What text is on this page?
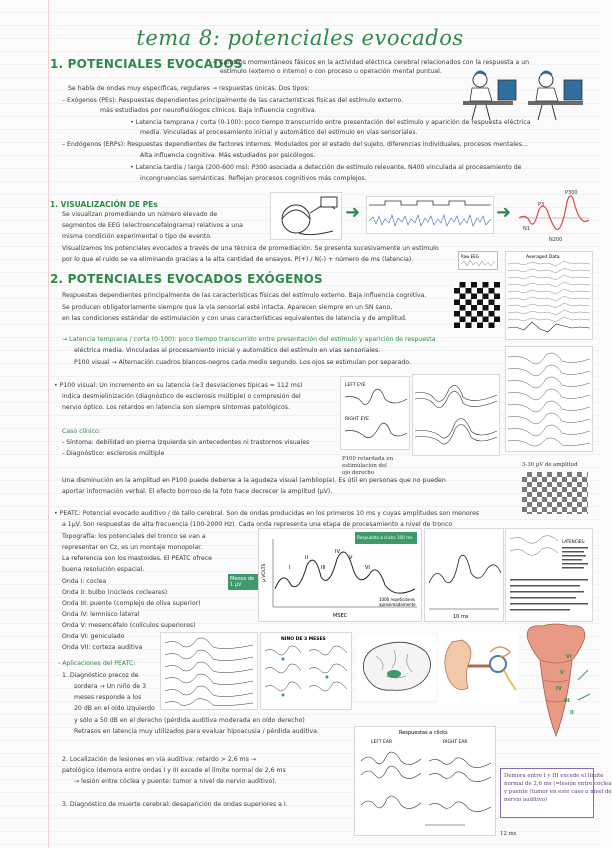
tema 8: potenciales evocados
1. POTENCIALES EVOCADOS
→ Cambios momentáneos fásicos en la actividad eléctrica cerebral relacionados con la respuesta a un
estímulo (externo o interno) o con proceso u operación mental puntual.
Se habla de ondas muy específicas, regulares → respuestas únicas. Dos tipos:
– Exógenos (PEs): Respuestas dependientes principalmente de las características físicas del estímulo externo.
más estudiados por neurofisiólogos clínicos. Baja influencia cognitiva.
• Latencia temprana / corta (0-100): poco tiempo transcurrido entre presentación del estímulo y aparición de respuesta eléctrica
media. Vinculadas al procesamiento inicial y automático del estímulo en vías sensoriales.
– Endógenos (ERPs): Respuestas dependientes de factores internos. Modulados por el estado del sujeto, diferencias individuales, procesos mentales...
Alta influencia cognitiva. Más estudiados por psicólogos.
• Latencia tardía / larga (200-600 ms): P300 asociada a detección de estímulo relevante, N400 vinculada al procesamiento de
incongruencias semánticas. Reflejan procesos cognitivos más complejos.
1. VISUALIZACIÓN DE PEs
Se visualizan promediando un número elevado de
segmentos de EEG (electroencefalograma) relativos a una
misma condición experimental o tipo de evento.
Visualizamos los potenciales evocados a través de una técnica de promediación. Se presenta sucesivamente un estímulo
por lo que el ruido se va eliminando gracias a la alta cantidad de ensayos. P(+) / N(-) + número de ms (latencia).
➜	➜
P300
P3
N1
N200
2. POTENCIALES EVOCADOS EXÓGENOS
Respuestas dependientes principalmente de las características físicas del estímulo externo. Baja influencia cognitiva.
Se producen obligatoriamente siempre que la vía sensorial esté intacta. Aparecen siempre en un SN sano,
en las condiciones estándar de estimulación y con unas características equivalentes de latencia y de amplitud.
Raw EEG	Averaged Data
→ Latencia temprana / corta (0-100): poco tiempo transcurrido entre presentación del estímulo y aparición de respuesta
eléctrica media. Vinculadas al procesamiento inicial y automático del estímulo en vías sensoriales.
P100 visual → Alternación cuadros blancos-negros cada medio segundo. Los ojos se estimulan por separado.
• P100 visual: Un incremento en su latencia (≥3 desviaciones típicas ≈ 112 ms)
indica desmielinización (diagnóstico de esclerosis múltiple) o compresión del
nervio óptico. Los retardos en latencia son siempre síntomas patológicos.
Caso clínico:
- Síntoma: debilidad en pierna izquierda sin antecedentes ni trastornos visuales
- Diagnóstico: esclerosis múltiple
LEFT EYE
RIGHT EYE
P100 retardada en
estimulación del
ojo derecho
3-30 µV de amplitud
Una disminución en la amplitud en P100 puede deberse a la agudeza visual (ambliopía). Es útil en personas que no pueden
aportar información verbal. El efecto borroso de la foto hace decrecer la amplitud (µV).
• PEATC: Potencial evocado auditivo / de tallo cerebral. Son de ondas producidas en los primeros 10 ms y cuyas amplitudes son menores
a 1µV. Son respuestas de alta frecuencia (100-2000 Hz). Cada onda representa una etapa de procesamiento a nivel de tronco
Topografía: los potenciales del tronco se van a
representar en Cz, es un montaje monopolar.
La referencia son los mastoides. El PEATC ofrece
buena resolución espacial.
Onda I: coclea
Onda II: bulbo (núcleos cocleares)
Onda III: puente (complejo de oliva superior)
Onda IV: lemnisco lateral
Onda V: mesencéfalo (colículos superiores)
Onda VI: geniculado
Onda VII: corteza auditiva
Respuesta a clicks 100 ms
µ VOLTS	I
II
III
IV
V
VI
MSEC
1000 repeticiones
aproximadamente
Menos de 1 µV
10 ms
LATENCIES:
- Aplicaciones del PEATC:
1. Diagnóstico precoz de
sordera → Un niño de 3
meses responde a los
20 dB en el oído izquierdo
y sólo a 50 dB en el derecho (pérdida auditiva moderada en oído derecho)
Retrasos en latencia muy utilizados para evaluar hipoacusia / pérdida auditiva.
NIÑO DE 3 MESES
VI
V
IV
III
II
2. Localización de lesiones en vía auditiva: retardo > 2,6 ms →
patológico (demora entre ondas I y III excede el límite normal de 2,6 ms
→ lesión entre cóclea y puente: tumor a nivel de nervio auditivo).
3. Diagnóstico de muerte cerebral: desaparición de ondas superiores a I.
Respuestas a clicks
LEFT EAR	RIGHT EAR
12 ms
Demora entre I y III excede el límite
normal de 2,6 ms (=lesión entre cóclea
y puente (tumor en este caso a nivel de
nervio auditivo)
